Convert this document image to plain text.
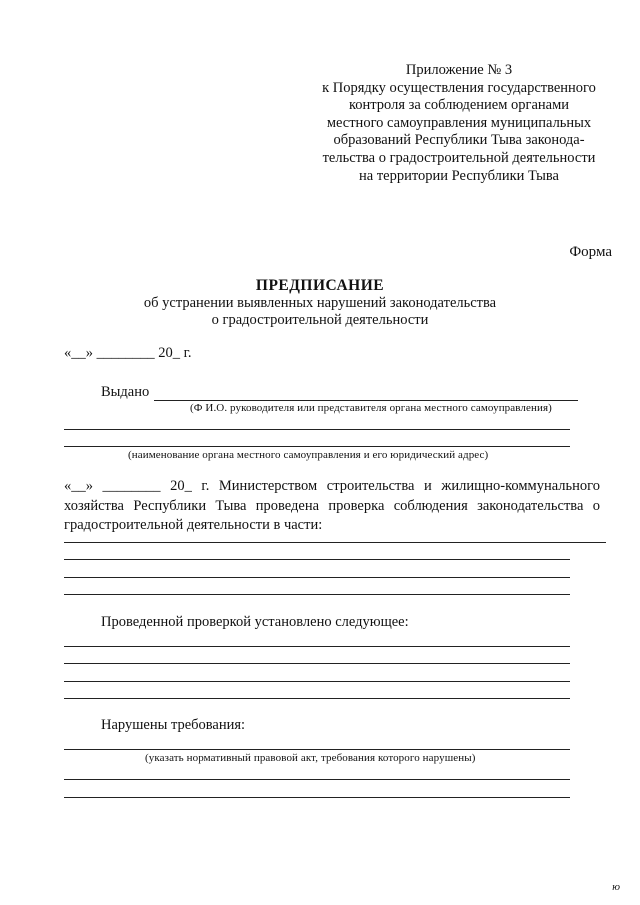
Приложение № 3
к Порядку осуществления государственного
контроля за соблюдением органами
местного самоуправления муниципальных
образований Республики Тыва законода-
тельства о градостроительной деятельности
на территории Республики Тыва
Форма
ПРЕДПИСАНИЕ
об устранении выявленных нарушений законодательства
о градостроительной деятельности
«__» ________ 20_ г.
Выдано
(Ф И.О. руководителя или представителя органа местного самоуправления)
(наименование органа местного самоуправления и его юридический адрес)

«__» ________ 20_ г. Министерством строительства и жилищно-коммунального хозяйства Республики Тыва проведена проверка соблюдения законодательства о градостроительной деятельности в части:

Проведенной проверкой установлено следующее:
Нарушены требования:
(указать нормативный правовой акт, требования которого нарушены)
ю
